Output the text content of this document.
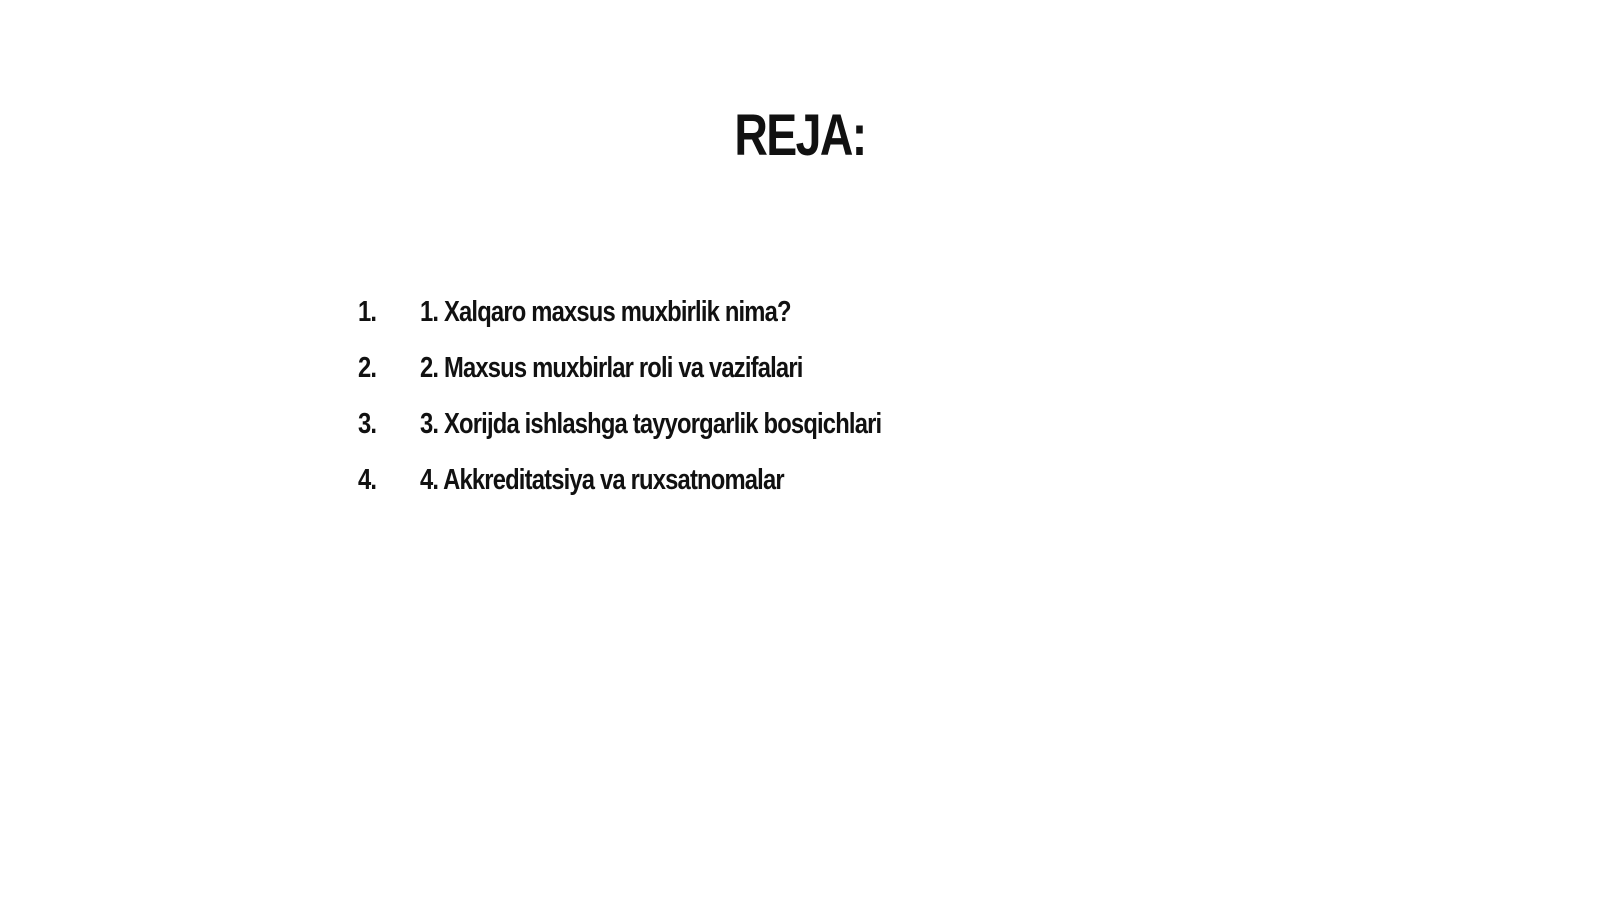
REJA:
1.	1. Xalqaro maxsus muxbirlik nima?
2.	2. Maxsus muxbirlar roli va vazifalari
3.	3. Xorijda ishlashga tayyorgarlik bosqichlari
4.	4. Akkreditatsiya va ruxsatnomalar
